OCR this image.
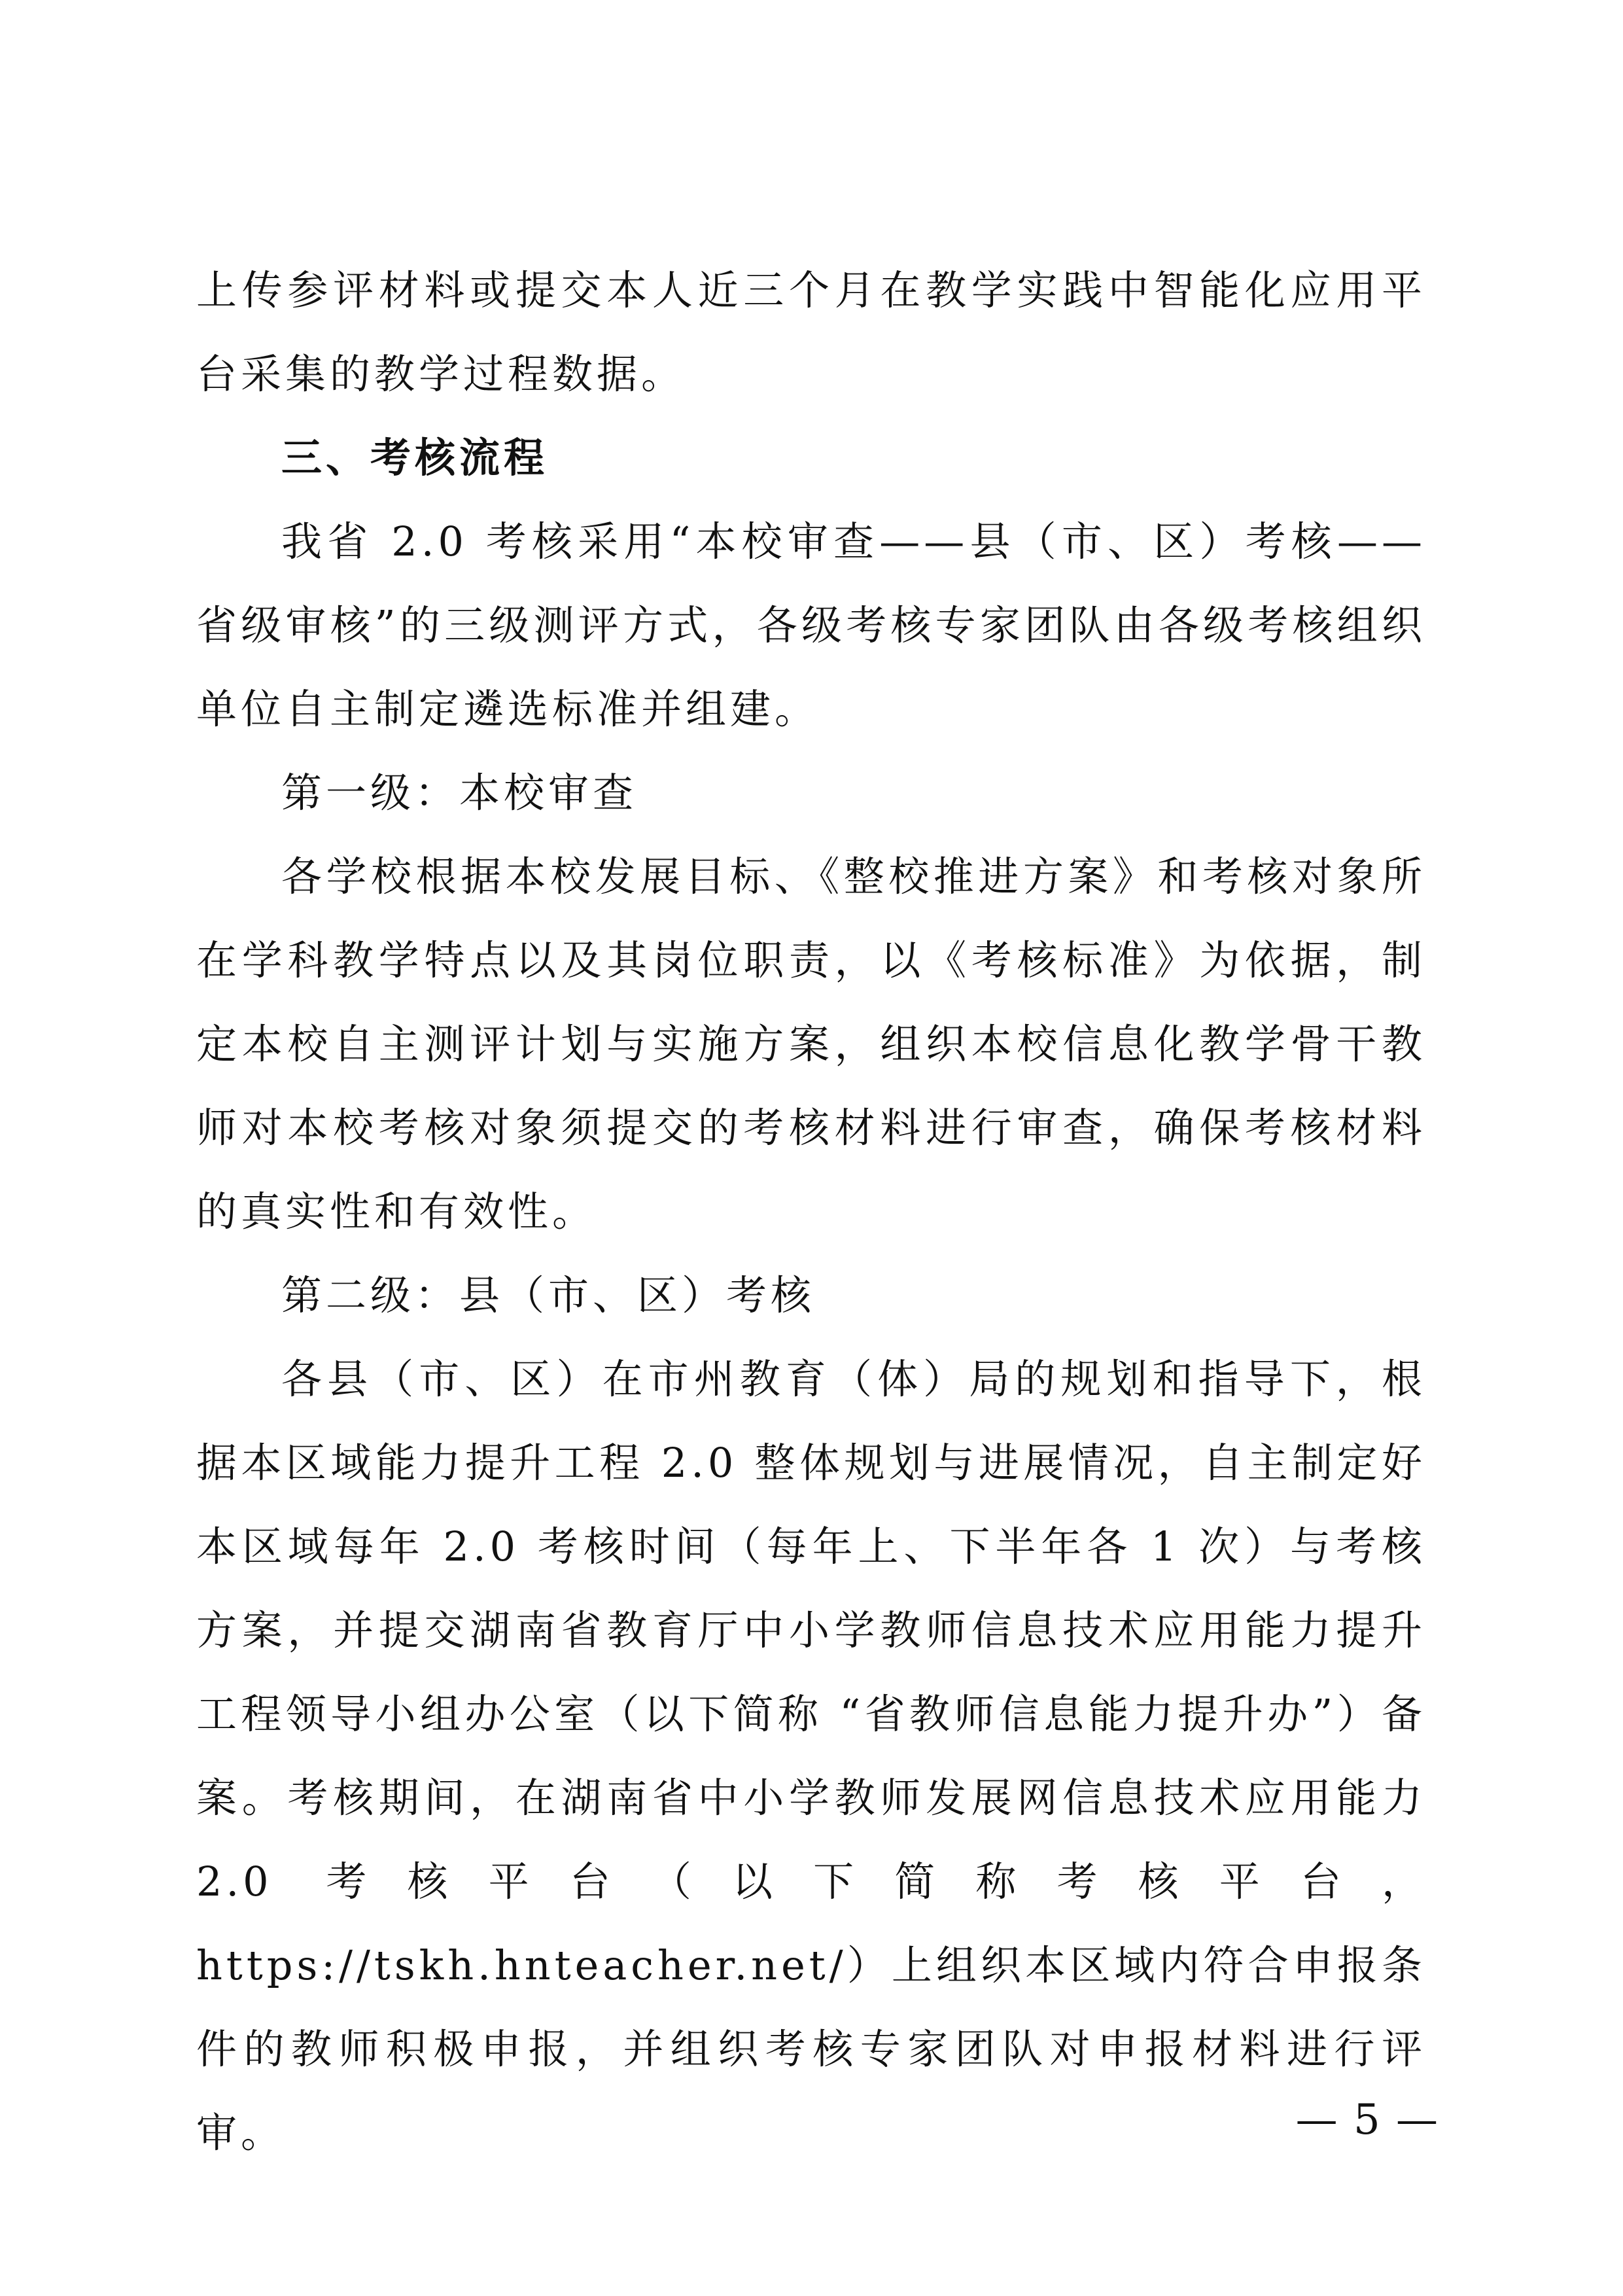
上传参评材料或提交本人近三个月在教学实践中智能化应用平台采集的教学过程数据。

三、考核流程

我省 2.0 考核采用“本校审查——县（市、区）考核——省级审核”的三级测评方式，各级考核专家团队由各级考核组织单位自主制定遴选标准并组建。

第一级：本校审查

各学校根据本校发展目标、《整校推进方案》和考核对象所在学科教学特点以及其岗位职责，以《考核标准》为依据，制定本校自主测评计划与实施方案，组织本校信息化教学骨干教师对本校考核对象须提交的考核材料进行审查，确保考核材料的真实性和有效性。

第二级：县（市、区）考核

各县（市、区）在市州教育（体）局的规划和指导下，根据本区域能力提升工程 2.0 整体规划与进展情况，自主制定好本区域每年 2.0 考核时间（每年上、下半年各 1 次）与考核方案，并提交湖南省教育厅中小学教师信息技术应用能力提升工程领导小组办公室（以下简称 “省教师信息能力提升办”）备案。考核期间，在湖南省中小学教师发展网信息技术应用能力 2.0 考核平台（以下简称考核平台， https://tskh.hnteacher.net/）上组织本区域内符合申报条件的教师积极申报，并组织考核专家团队对申报材料进行评审。	— 5 —
